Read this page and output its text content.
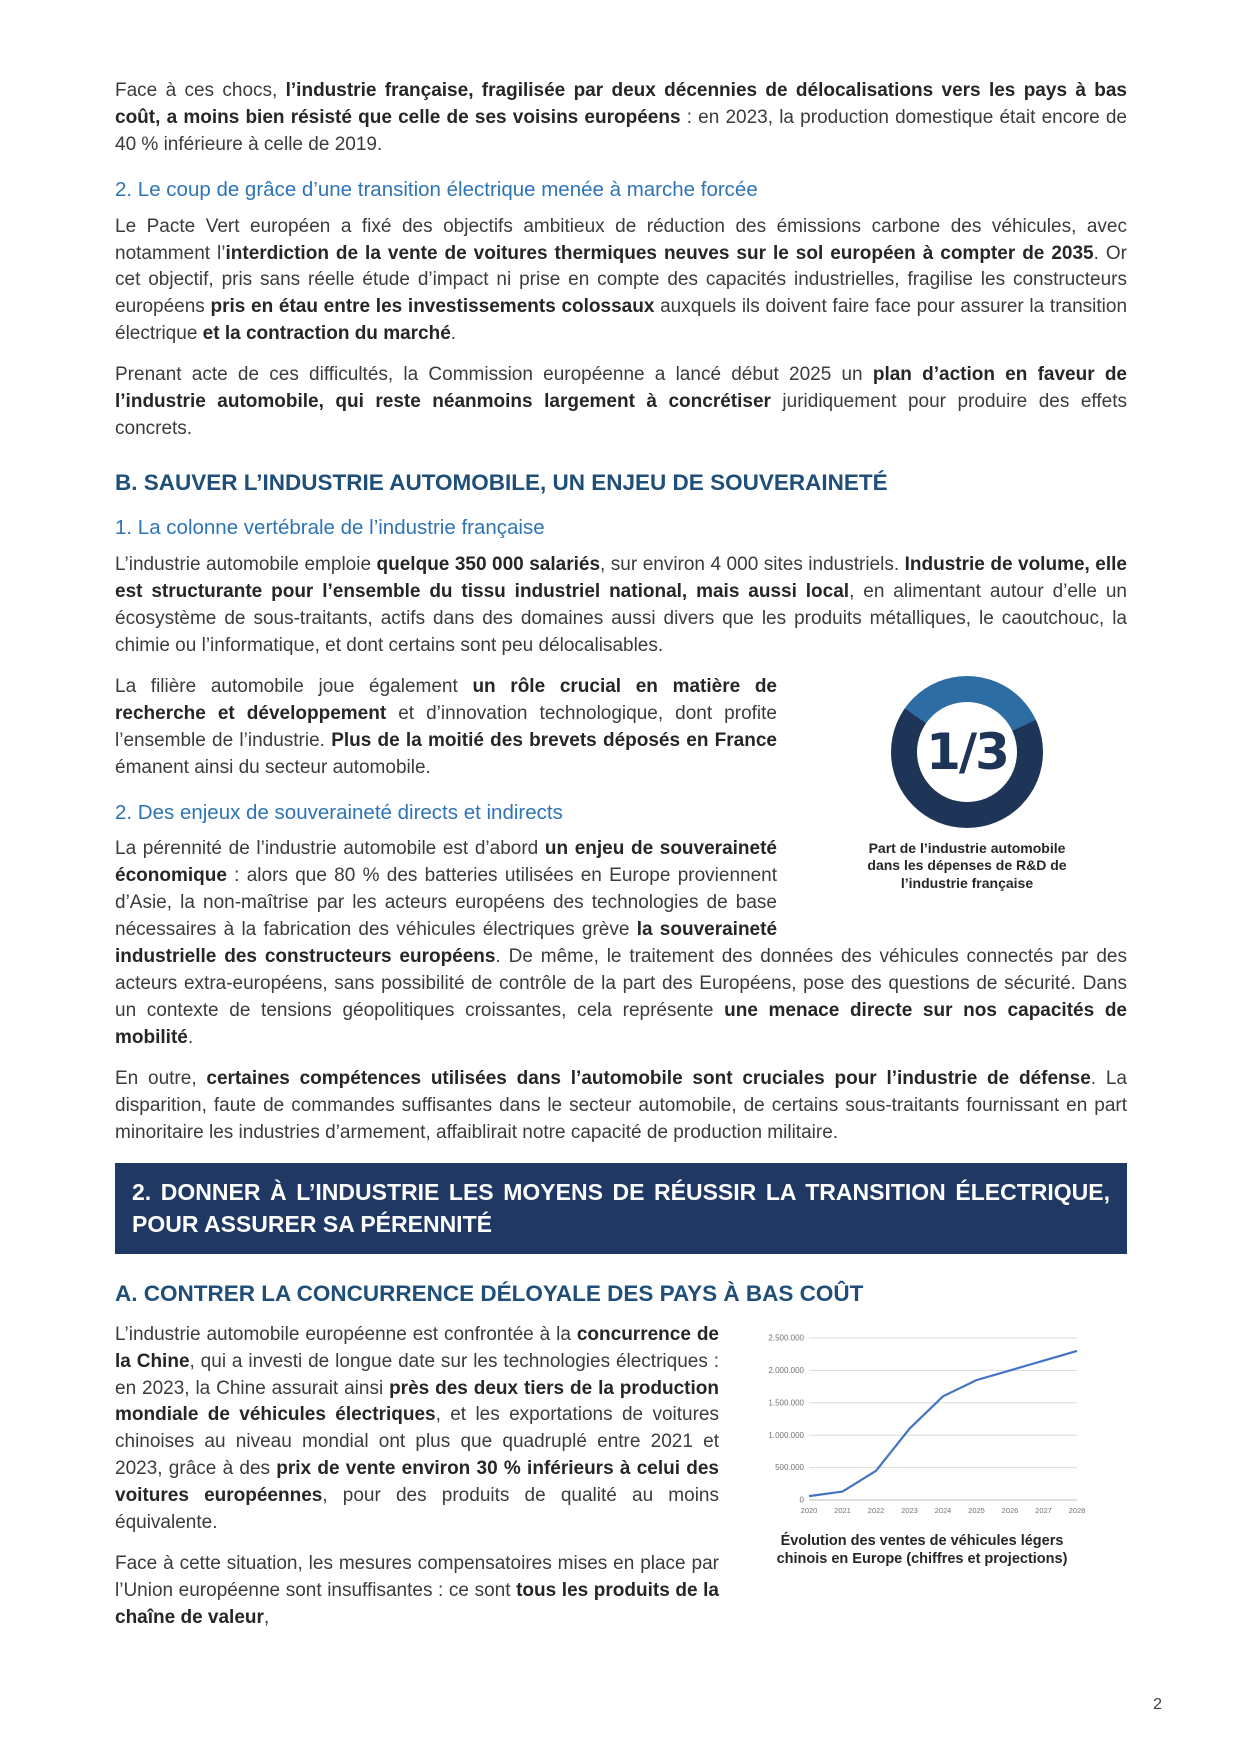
Face à ces chocs, l’industrie française, fragilisée par deux décennies de délocalisations vers les pays à bas coût, a moins bien résisté que celle de ses voisins européens : en 2023, la production domestique était encore de 40 % inférieure à celle de 2019.

2. Le coup de grâce d’une transition électrique menée à marche forcée

Le Pacte Vert européen a fixé des objectifs ambitieux de réduction des émissions carbone des véhicules, avec notamment l’interdiction de la vente de voitures thermiques neuves sur le sol européen à compter de 2035. Or cet objectif, pris sans réelle étude d’impact ni prise en compte des capacités industrielles, fragilise les constructeurs européens pris en étau entre les investissements colossaux auxquels ils doivent faire face pour assurer la transition électrique et la contraction du marché.

Prenant acte de ces difficultés, la Commission européenne a lancé début 2025 un plan d’action en faveur de l’industrie automobile, qui reste néanmoins largement à concrétiser juridiquement pour produire des effets concrets.

B. SAUVER L’INDUSTRIE AUTOMOBILE, UN ENJEU DE SOUVERAINETÉ
1. La colonne vertébrale de l’industrie française

L’industrie automobile emploie quelque 350 000 salariés, sur environ 4 000 sites industriels. Industrie de volume, elle est structurante pour l’ensemble du tissu industriel national, mais aussi local, en alimentant autour d’elle un écosystème de sous-traitants, actifs dans des domaines aussi divers que les produits métalliques, le caoutchouc, la chimie ou l’informatique, et dont certains sont peu délocalisables.

1/3
Part de l’industrie automobile dans les dépenses de R&D de l’industrie française

La filière automobile joue également un rôle crucial en matière de recherche et développement et d’innovation technologique, dont profite l’ensemble de l’industrie. Plus de la moitié des brevets déposés en France émanent ainsi du secteur automobile.

2. Des enjeux de souveraineté directs et indirects

La pérennité de l’industrie automobile est d’abord un enjeu de souveraineté économique : alors que 80 % des batteries utilisées en Europe proviennent d’Asie, la non-maîtrise par les acteurs européens des technologies de base nécessaires à la fabrication des véhicules électriques grève la souveraineté industrielle des constructeurs européens. De même, le traitement des données des véhicules connectés par des acteurs extra-européens, sans possibilité de contrôle de la part des Européens, pose des questions de sécurité. Dans un contexte de tensions géopolitiques croissantes, cela représente une menace directe sur nos capacités de mobilité.

En outre, certaines compétences utilisées dans l’automobile sont cruciales pour l’industrie de défense. La disparition, faute de commandes suffisantes dans le secteur automobile, de certains sous-traitants fournissant en part minoritaire les industries d’armement, affaiblirait notre capacité de production militaire.

2. DONNER À L’INDUSTRIE LES MOYENS DE RÉUSSIR LA TRANSITION ÉLECTRIQUE, POUR ASSURER SA PÉRENNITÉ
A. CONTRER LA CONCURRENCE DÉLOYALE DES PAYS À BAS COÛT
0
500.000
1.000.000
1.500.000
2.000.000
2.500.000
2020 2021 2022 2023 2024 2025 2026 2027 2028
Évolution des ventes de véhicules légers chinois en Europe (chiffres et projections)

L’industrie automobile européenne est confrontée à la concurrence de la Chine, qui a investi de longue date sur les technologies électriques : en 2023, la Chine assurait ainsi près des deux tiers de la production mondiale de véhicules électriques, et les exportations de voitures chinoises au niveau mondial ont plus que quadruplé entre 2021 et 2023, grâce à des prix de vente environ 30 % inférieurs à celui des voitures européennes, pour des produits de qualité au moins équivalente.

Face à cette situation, les mesures compensatoires mises en place par l’Union européenne sont insuffisantes : ce sont tous les produits de la chaîne de valeur,

2
